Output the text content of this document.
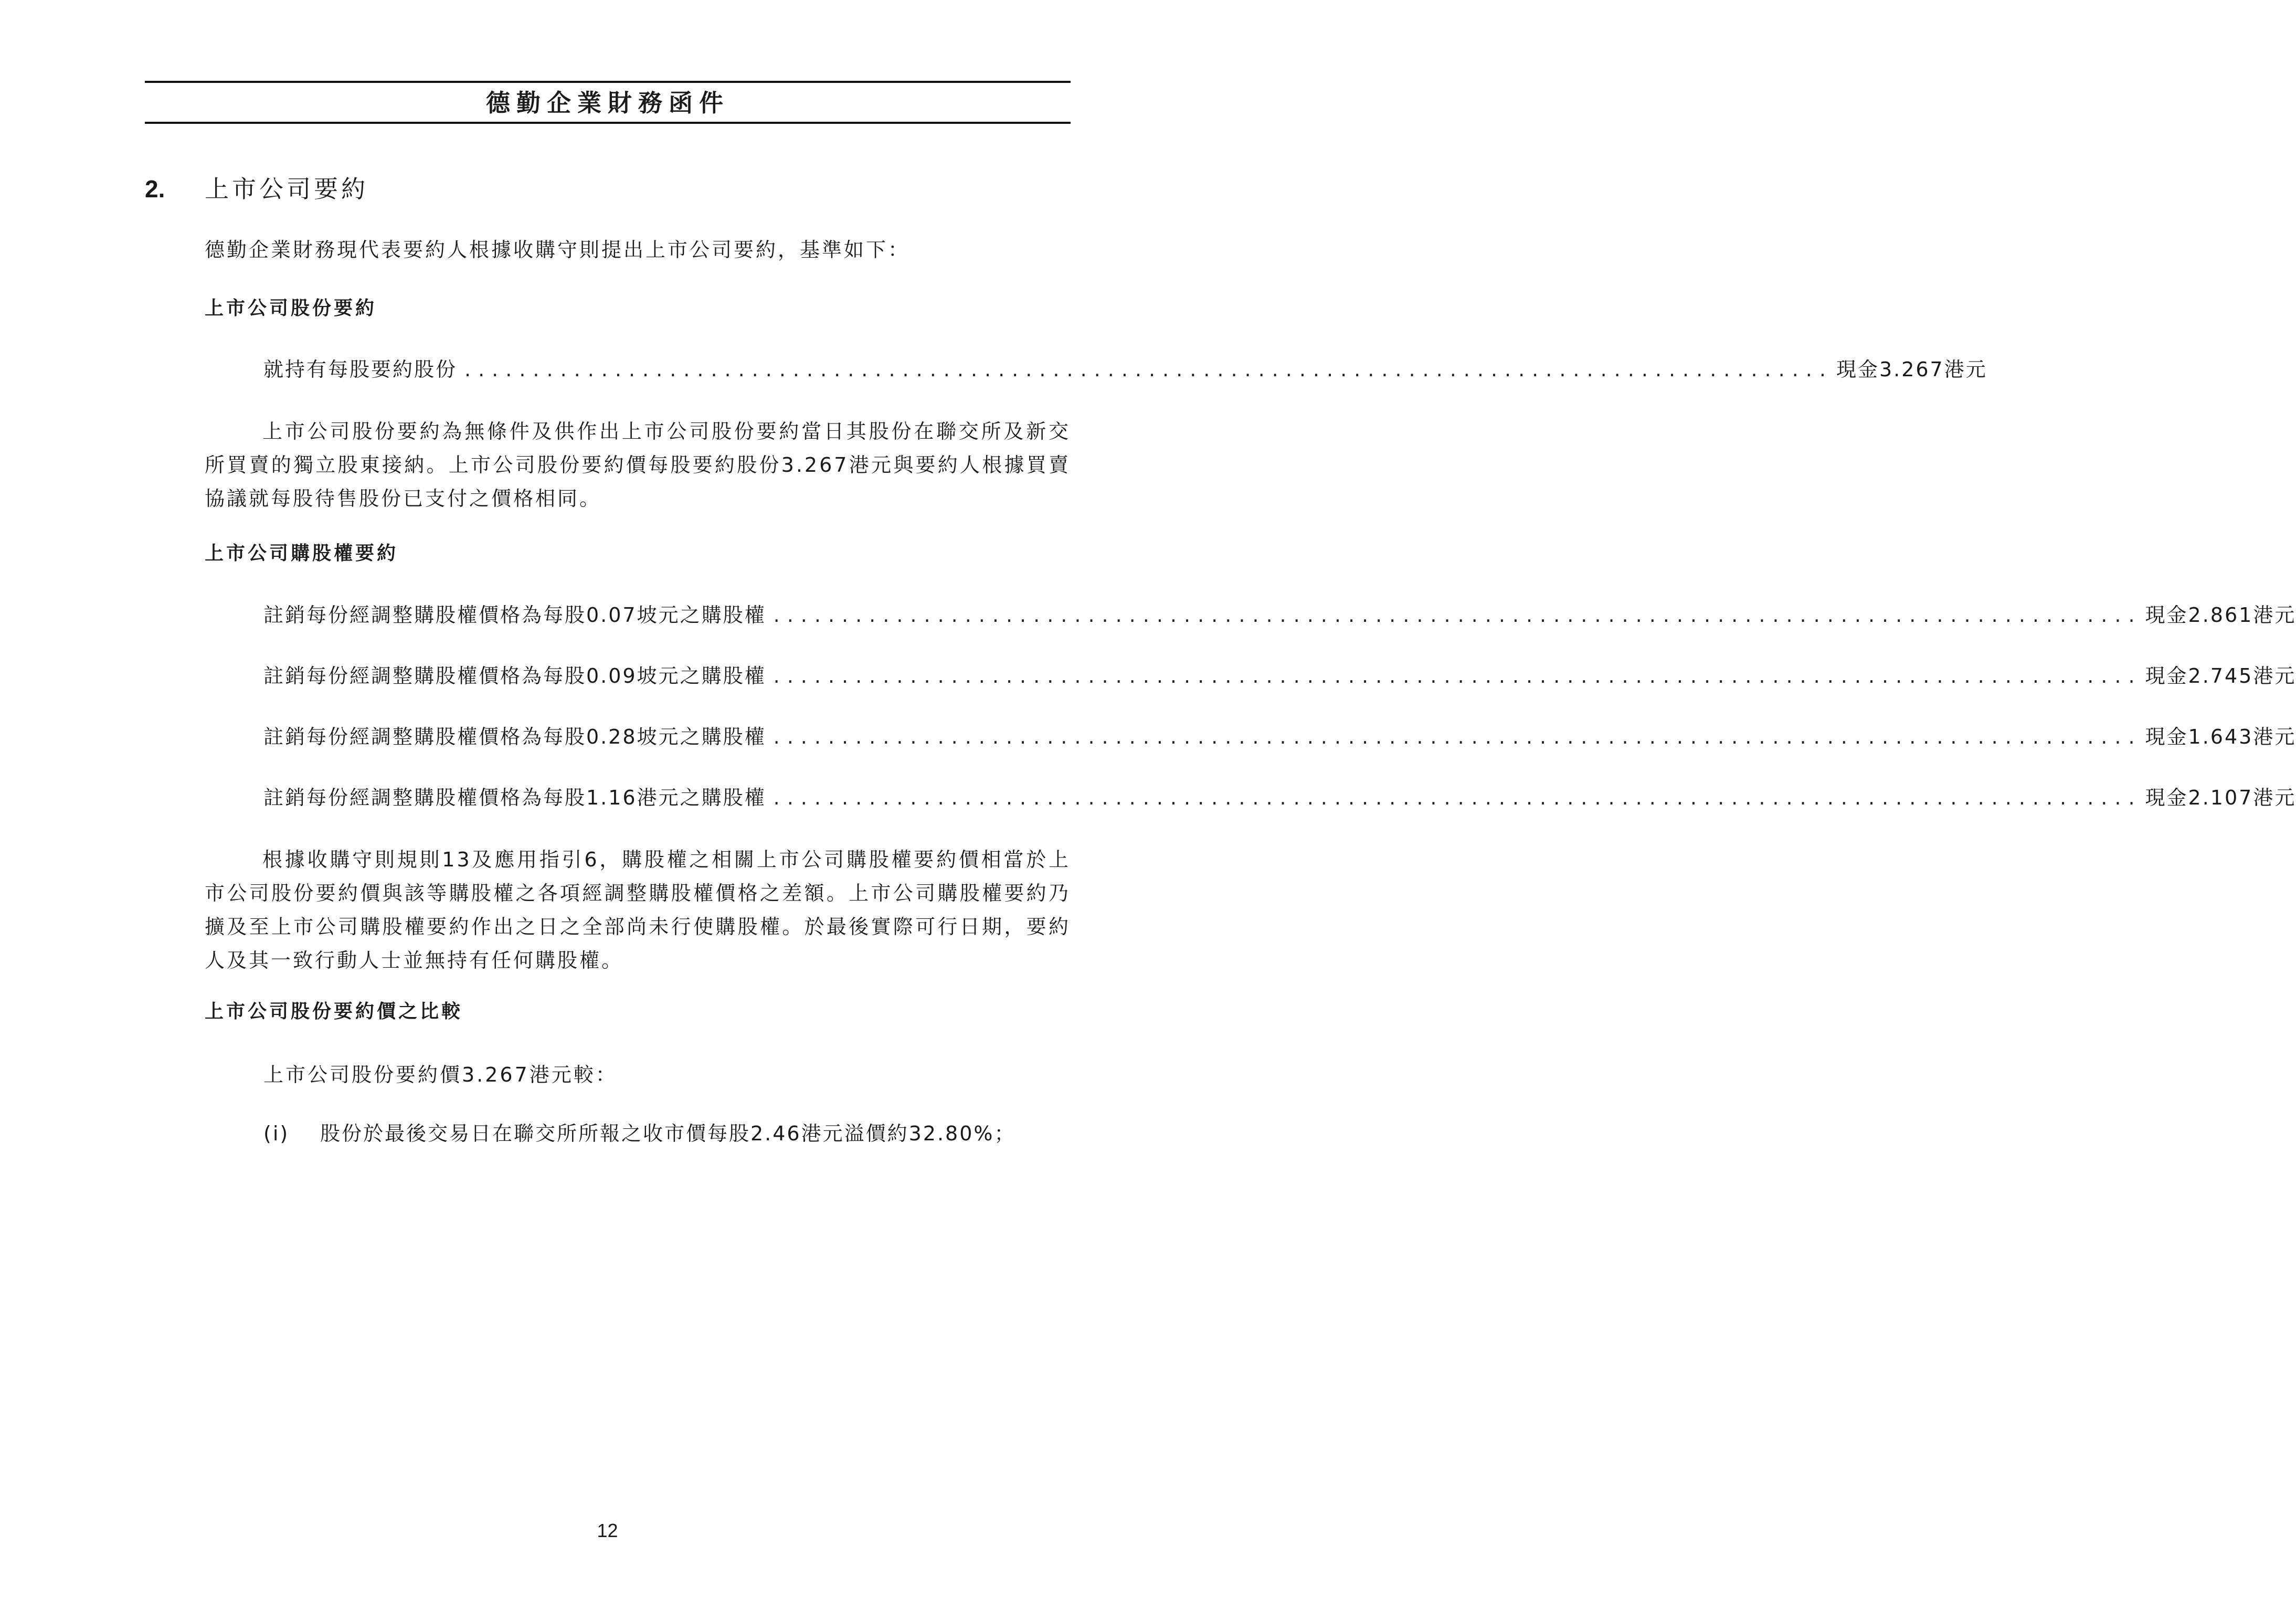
德勤企業財務函件
2. 上市公司要約
德勤企業財務現代表要約人根據收購守則提出上市公司要約，基準如下：
上市公司股份要約
就持有每股要約股份 .................................................................................................... 現金3.267港元
上市公司股份要約為無條件及供作出上市公司股份要約當日其股份在聯交所及新交所買賣的獨立股東接納。上市公司股份要約價每股要約股份3.267港元與要約人根據買賣協議就每股待售股份已支付之價格相同。
上市公司購股權要約
註銷每份經調整購股權價格為每股0.07坡元之購股權 .................................................................................................... 現金2.861港元
註銷每份經調整購股權價格為每股0.09坡元之購股權 .................................................................................................... 現金2.745港元
註銷每份經調整購股權價格為每股0.28坡元之購股權 .................................................................................................... 現金1.643港元
註銷每份經調整購股權價格為每股1.16港元之購股權 .................................................................................................... 現金2.107港元
根據收購守則規則13及應用指引6，購股權之相關上市公司購股權要約價相當於上市公司股份要約價與該等購股權之各項經調整購股權價格之差額。上市公司購股權要約乃擴及至上市公司購股權要約作出之日之全部尚未行使購股權。於最後實際可行日期，要約人及其一致行動人士並無持有任何購股權。
上市公司股份要約價之比較
上市公司股份要約價3.267港元較：
(i) 股份於最後交易日在聯交所所報之收市價每股2.46港元溢價約32.80%；
12
